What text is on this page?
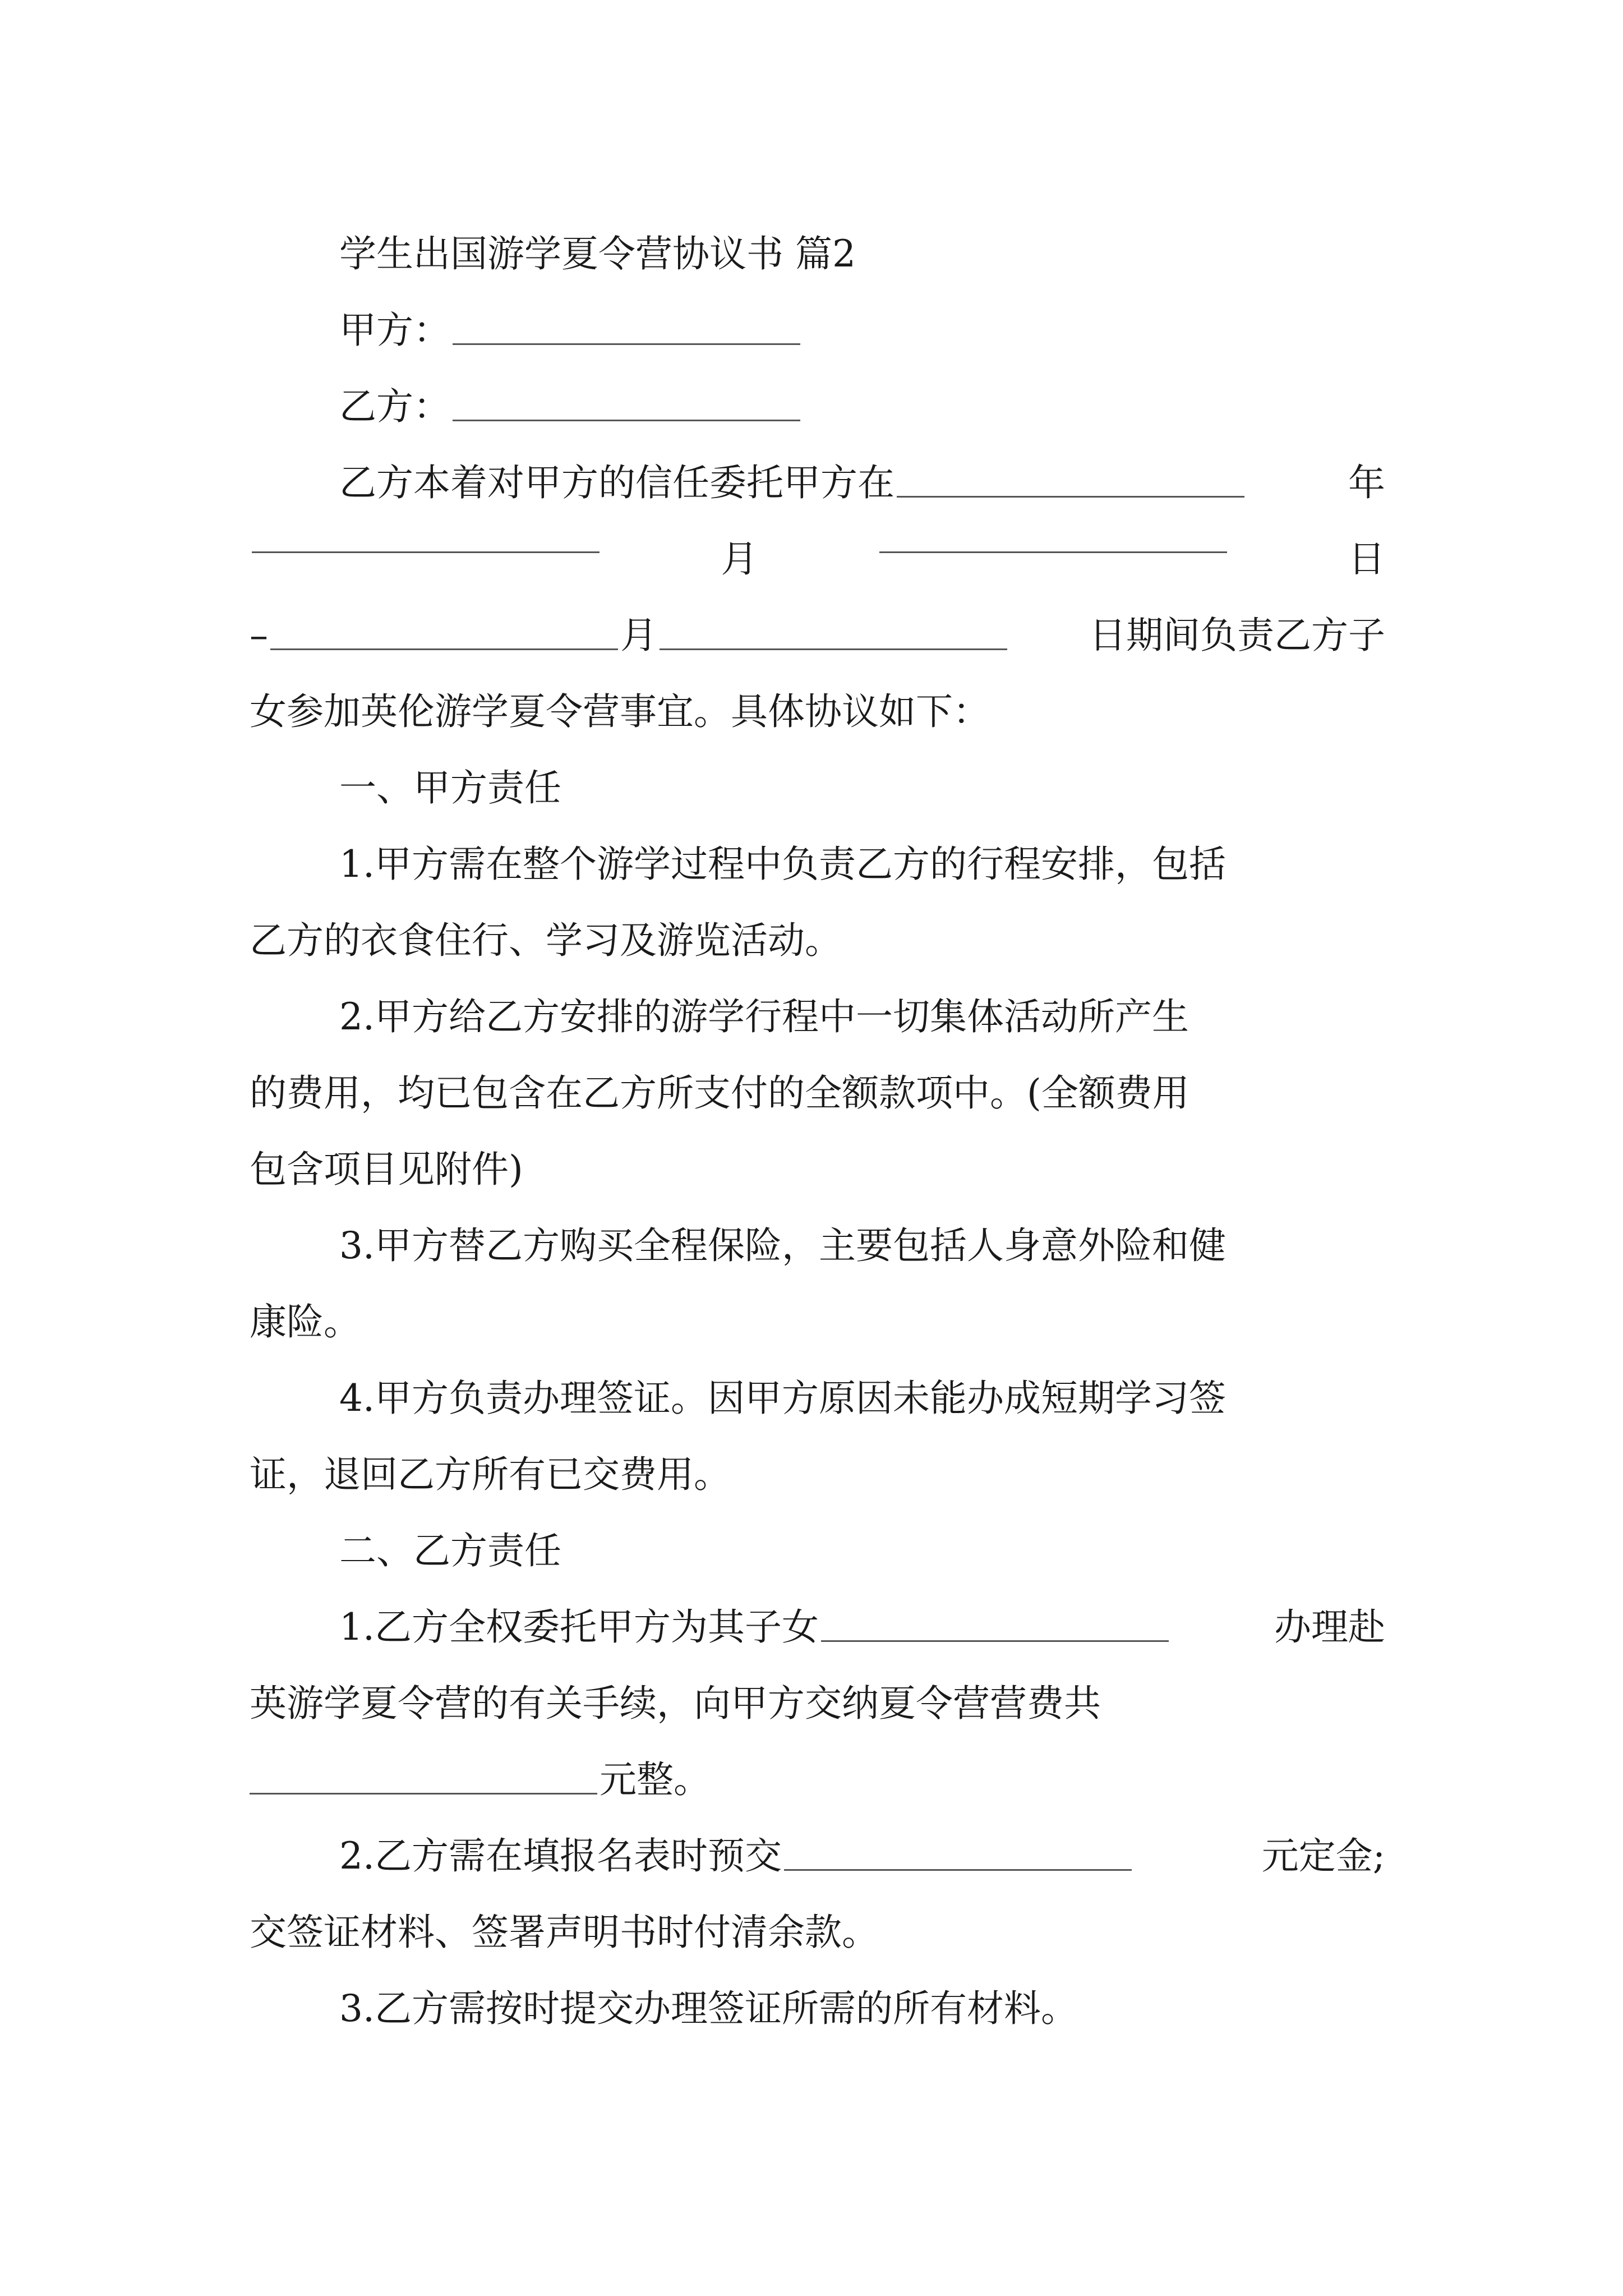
学生出国游学夏令营协议书 篇2
甲方：
乙方：
乙方本着对甲方的信任委托甲方在	年
月	日
–	月	日期间负责乙方子
女参加英伦游学夏令营事宜。具体协议如下：
一、甲方责任
1.甲方需在整个游学过程中负责乙方的行程安排，包括
乙方的衣食住行、学习及游览活动。
2.甲方给乙方安排的游学行程中一切集体活动所产生
的费用，均已包含在乙方所支付的全额款项中。(全额费用
包含项目见附件)
3.甲方替乙方购买全程保险，主要包括人身意外险和健
康险。
4.甲方负责办理签证。因甲方原因未能办成短期学习签
证，退回乙方所有已交费用。
二、乙方责任
1.乙方全权委托甲方为其子女	办理赴
英游学夏令营的有关手续，向甲方交纳夏令营营费共
元整。
2.乙方需在填报名表时预交	元定金;
交签证材料、签署声明书时付清余款。
3.乙方需按时提交办理签证所需的所有材料。
